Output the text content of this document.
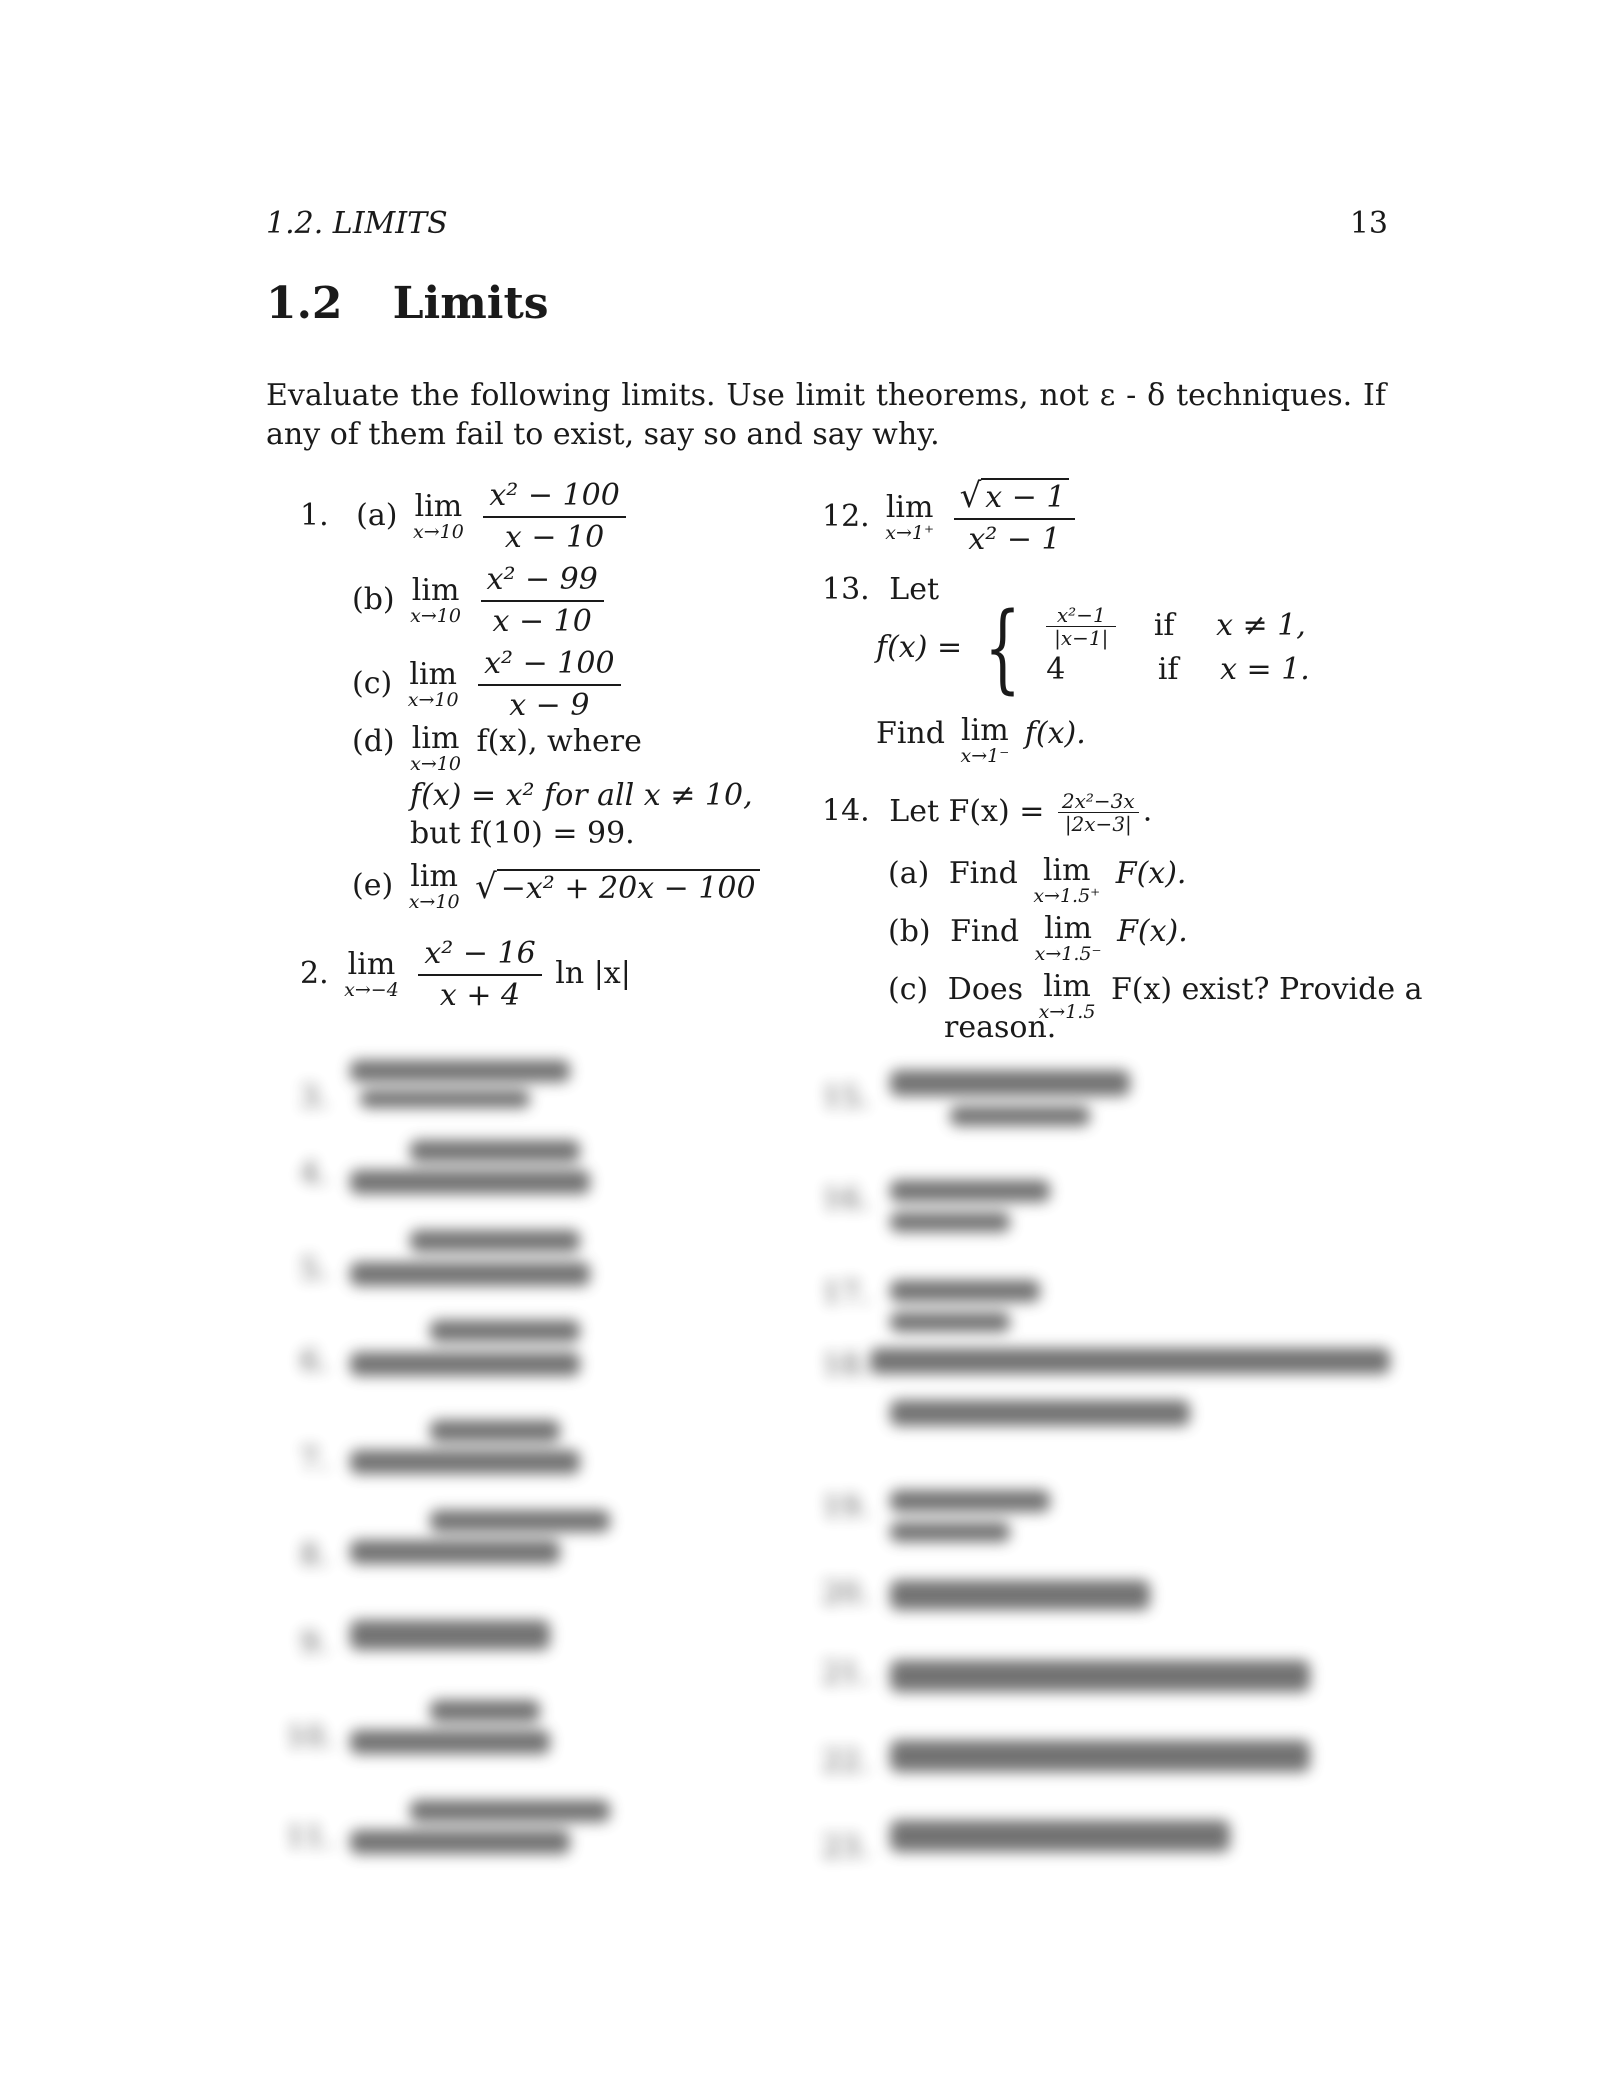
1.2. LIMITS	13
1.2 Limits
Evaluate the following limits. Use limit theorems, not ε - δ techniques. If any of them fail to exist, say so and say why.
1. (a) lim
x→10
$\frac{\text{x² − 100}}{x - 10}$
(b) lim
x→10
$\frac{\text{x² − 99}}{x - 10}$
(c) lim
x→10
$\frac{\text{x² − 100}}{x - 9}$
(d) lim
x→10
f(x), where
f(x) = x² for all x ≠ 10,
but f(10) = 99.
(e) lim
x→10 √ −x² + 20x − 100
2. lim
x→−4
$\frac{\text{x² − 16}}{x + 4}$ ln |x|
3.
4.
5.
6.
7.
8.
9.
10.
11.
12. lim
x→1⁺
$\frac{√ x - 1}{\text{x² − 1}}$
13. Let
f(x) = { $\frac{\text{x²−1}}{|x-1|}$ if x ≠ 1,
4	if x = 1.
Find lim
x→1⁻
f(x).
14. Let $F(x) = \frac{\text{2x²−3x}}{|2x-3|}$ .
(a) Find lim
x→1.5⁺
F(x).
(b) Find lim
x→1.5⁻
F(x).
(c) Does lim
x→1.5
F(x) exist? Provide a
reason.
15.
16.
17.
18.
19.
20.
21.
22.
23.
